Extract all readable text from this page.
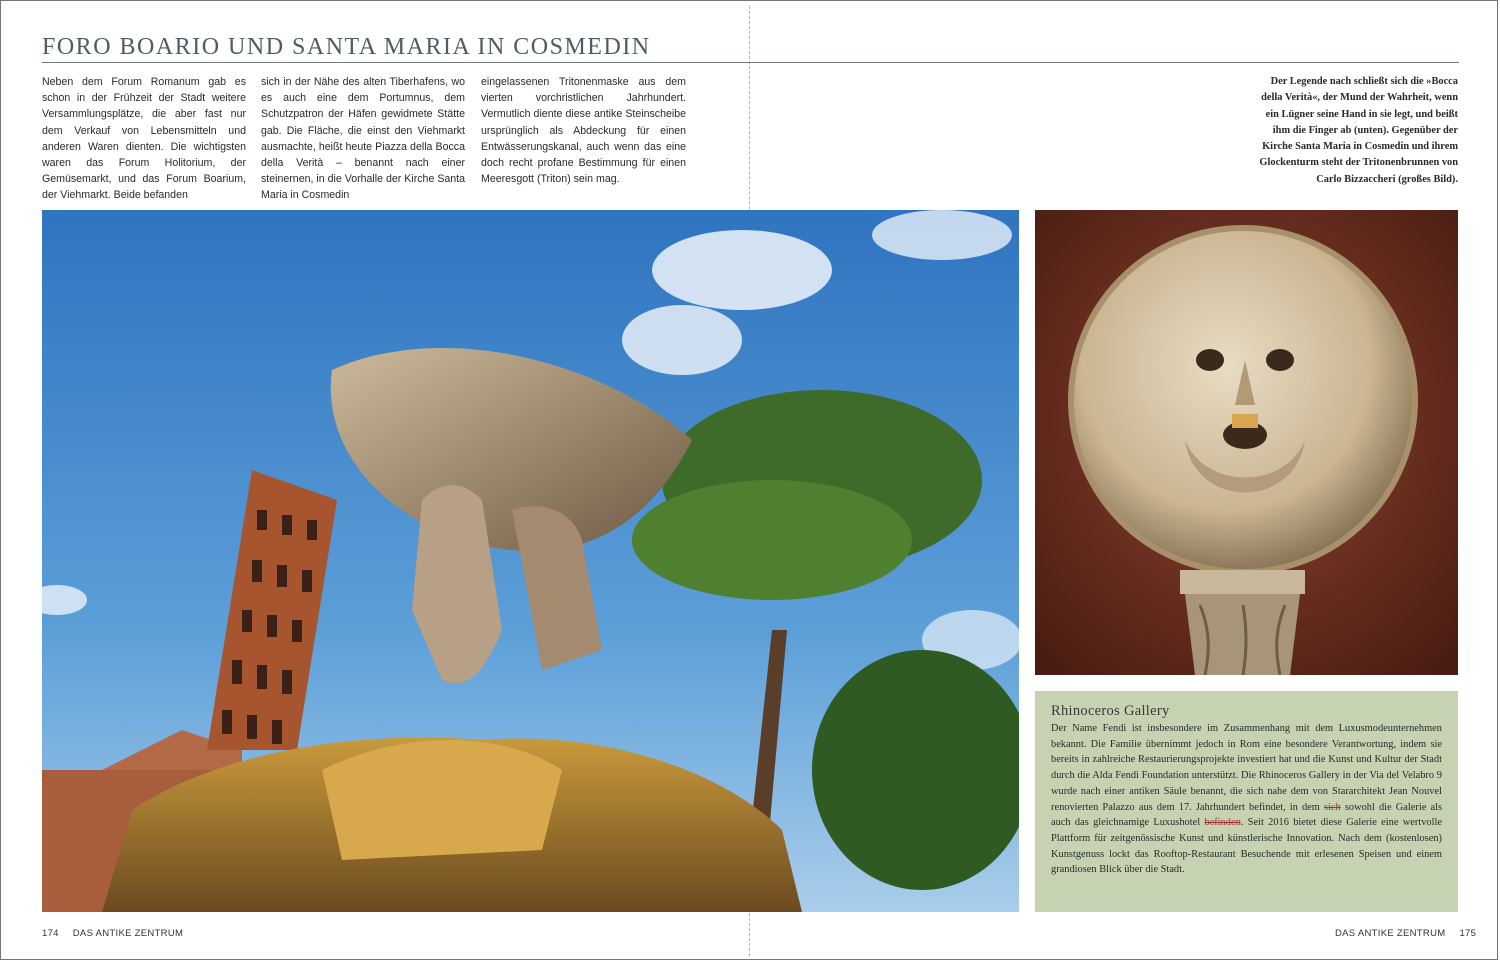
FORO BOARIO UND SANTA MARIA IN COSMEDIN

Neben dem Forum Romanum gab es schon in der Frühzeit der Stadt weitere Versammlungsplätze, die aber fast nur dem Verkauf von Lebensmitteln und anderen Waren dienten. Die wichtigsten waren das Forum Holitorium, der Gemüsemarkt, und das Forum Boarium, der Viehmarkt. Beide befanden

sich in der Nähe des alten Tiberhafens, wo es auch eine dem Portumnus, dem Schutzpatron der Häfen gewidmete Stätte gab. Die Fläche, die einst den Viehmarkt ausmachte, heißt heute Piazza della Bocca della Verità – benannt nach einer steinernen, in die Vorhalle der Kirche Santa Maria in Cosmedin

eingelassenen Tritonenmaske aus dem vierten vorchristlichen Jahrhundert. Vermutlich diente diese antike Steinscheibe ursprünglich als Abdeckung für einen Entwässerungskanal, auch wenn das eine doch recht profane Bestimmung für einen Meeresgott (Triton) sein mag.

Der Legende nach schließt sich die »Bocca della Verità«, der Mund der Wahrheit, wenn ein Lügner seine Hand in sie legt, und beißt ihm die Finger ab (unten). Gegenüber der Kirche Santa Maria in Cosmedin und ihrem Glockenturm steht der Tritonenbrunnen von Carlo Bizzaccheri (großes Bild).

Rhinoceros Gallery

Der Name Fendi ist insbesondere im Zusammenhang mit dem Luxusmodeunternehmen bekannt. Die Familie übernimmt jedoch in Rom eine besondere Verantwortung, indem sie bereits in zahlreiche Restaurierungsprojekte investiert hat und die Kunst und Kultur der Stadt durch die Alda Fendi Foundation unterstützt. Die Rhinoceros Gallery in der Via del Velabro 9 wurde nach einer antiken Säule benannt, die sich nahe dem von Stararchitekt Jean Nouvel renovierten Palazzo aus dem 17. Jahrhundert befindet, in dem sich sowohl die Galerie als auch das gleichnamige Luxushotel befinden. Seit 2016 bietet diese Galerie eine wertvolle Plattform für zeitgenössische Kunst und künstlerische Innovation. Nach dem (kostenlosen) Kunstgenuss lockt das Rooftop-Restaurant Besuchende mit erlesenen Speisen und einem grandiosen Blick über die Stadt.

174 DAS ANTIKE ZENTRUM	DAS ANTIKE ZENTRUM 175
